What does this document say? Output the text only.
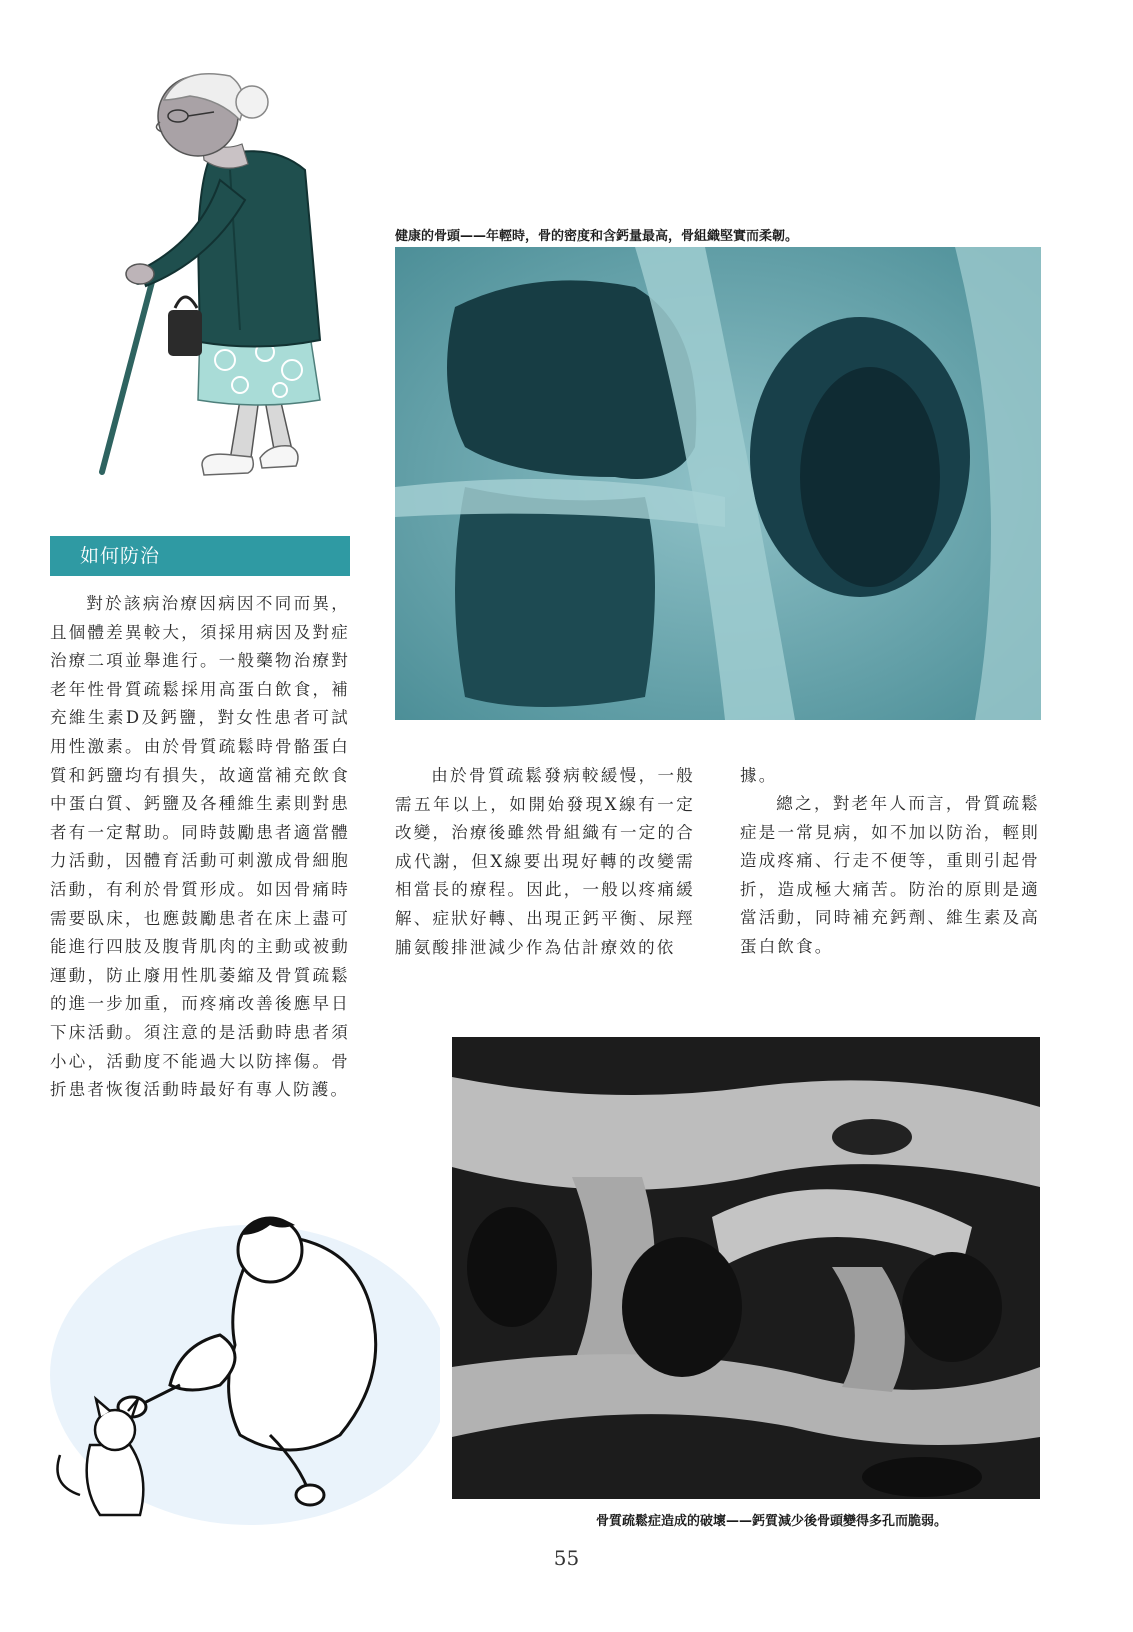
如何防治
對於該病治療因病因不同而異，且個體差異較大，須採用病因及對症治療二項並舉進行。一般藥物治療對老年性骨質疏鬆採用高蛋白飲食，補充維生素D及鈣鹽，對女性患者可試用性激素。由於骨質疏鬆時骨骼蛋白質和鈣鹽均有損失，故適當補充飲食中蛋白質、鈣鹽及各種維生素則對患者有一定幫助。同時鼓勵患者適當體力活動，因體育活動可刺激成骨細胞活動，有利於骨質形成。如因骨痛時需要臥床，也應鼓勵患者在床上盡可能進行四肢及腹背肌肉的主動或被動運動，防止廢用性肌萎縮及骨質疏鬆的進一步加重，而疼痛改善後應早日下床活動。須注意的是活動時患者須小心，活動度不能過大以防摔傷。骨折患者恢復活動時最好有專人防護。
健康的骨頭——年輕時，骨的密度和含鈣量最高，骨組織堅實而柔韌。
由於骨質疏鬆發病較緩慢，一般需五年以上，如開始發現X線有一定改變，治療後雖然骨組織有一定的合成代謝，但X線要出現好轉的改變需相當長的療程。因此，一般以疼痛緩解、症狀好轉、出現正鈣平衡、尿羥脯氨酸排泄減少作為估計療效的依
據。
總之，對老年人而言，骨質疏鬆症是一常見病，如不加以防治，輕則造成疼痛、行走不便等，重則引起骨折，造成極大痛苦。防治的原則是適當活動，同時補充鈣劑、維生素及高蛋白飲食。
骨質疏鬆症造成的破壞——鈣質減少後骨頭變得多孔而脆弱。
55
